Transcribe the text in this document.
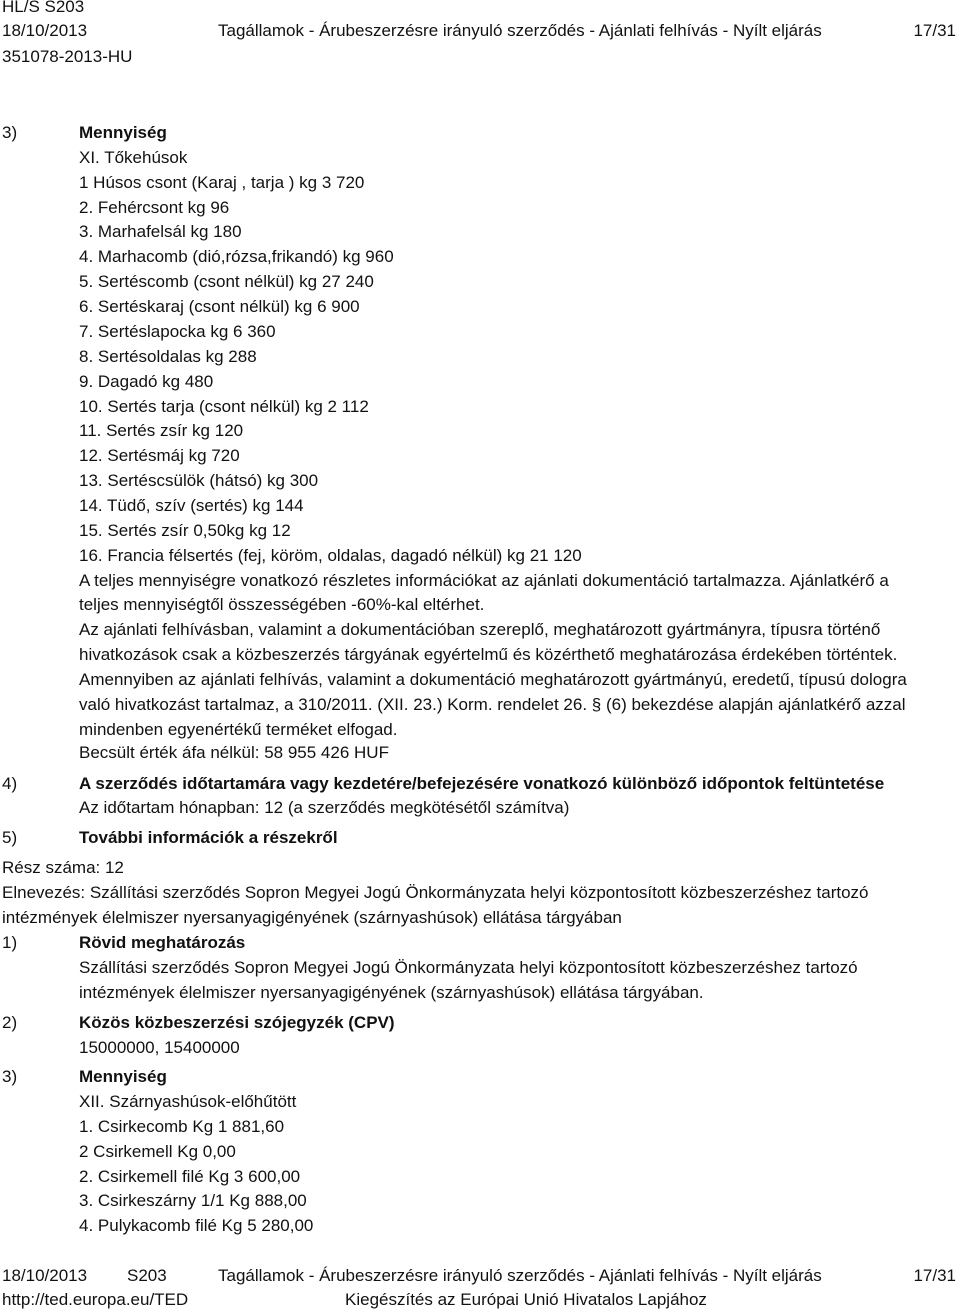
HL/S S203
18/10/2013	Tagállamok - Árubeszerzésre irányuló szerződés - Ajánlati felhívás - Nyílt eljárás	17/31
351078-2013-HU
3)	Mennyiség
XI. Tőkehúsok
1 Húsos csont (Karaj , tarja ) kg 3 720
2. Fehércsont kg 96
3. Marhafelsál kg 180
4. Marhacomb (dió,rózsa,frikandó) kg 960
5. Sertéscomb (csont nélkül) kg 27 240
6. Sertéskaraj (csont nélkül) kg 6 900
7. Sertéslapocka kg 6 360
8. Sertésoldalas kg 288
9. Dagadó kg 480
10. Sertés tarja (csont nélkül) kg 2 112
11. Sertés zsír kg 120
12. Sertésmáj kg 720
13. Sertéscsülök (hátsó) kg 300
14. Tüdő, szív (sertés) kg 144
15. Sertés zsír 0,50kg kg 12
16. Francia félsertés (fej, köröm, oldalas, dagadó nélkül) kg 21 120
A teljes mennyiségre vonatkozó részletes információkat az ajánlati dokumentáció tartalmazza. Ajánlatkérő a
teljes mennyiségtől összességében -60%-kal eltérhet.
Az ajánlati felhívásban, valamint a dokumentációban szereplő, meghatározott gyártmányra, típusra történő
hivatkozások csak a közbeszerzés tárgyának egyértelmű és közérthető meghatározása érdekében történtek.
Amennyiben az ajánlati felhívás, valamint a dokumentáció meghatározott gyártmányú, eredetű, típusú dologra
való hivatkozást tartalmaz, a 310/2011. (XII. 23.) Korm. rendelet 26. § (6) bekezdése alapján ajánlatkérő azzal
mindenben egyenértékű terméket elfogad.
Becsült érték áfa nélkül: 58 955 426 HUF
4)	A szerződés időtartamára vagy kezdetére/befejezésére vonatkozó különböző időpontok feltüntetése
Az időtartam hónapban: 12 (a szerződés megkötésétől számítva)
5)	További információk a részekről
Rész száma: 12
Elnevezés: Szállítási szerződés Sopron Megyei Jogú Önkormányzata helyi központosított közbeszerzéshez tartozó
intézmények élelmiszer nyersanyagigényének (szárnyashúsok) ellátása tárgyában
1)	Rövid meghatározás
Szállítási szerződés Sopron Megyei Jogú Önkormányzata helyi központosított közbeszerzéshez tartozó
intézmények élelmiszer nyersanyagigényének (szárnyashúsok) ellátása tárgyában.
2)	Közös közbeszerzési szójegyzék (CPV)
15000000, 15400000
3)	Mennyiség
XII. Szárnyashúsok-előhűtött
1. Csirkecomb Kg 1 881,60
2 Csirkemell Kg 0,00
2. Csirkemell filé Kg 3 600,00
3. Csirkeszárny 1/1 Kg 888,00
4. Pulykacomb filé Kg 5 280,00
18/10/2013 S203	Tagállamok - Árubeszerzésre irányuló szerződés - Ajánlati felhívás - Nyílt eljárás	17/31
http://ted.europa.eu/TED	Kiegészítés az Európai Unió Hivatalos Lapjához
